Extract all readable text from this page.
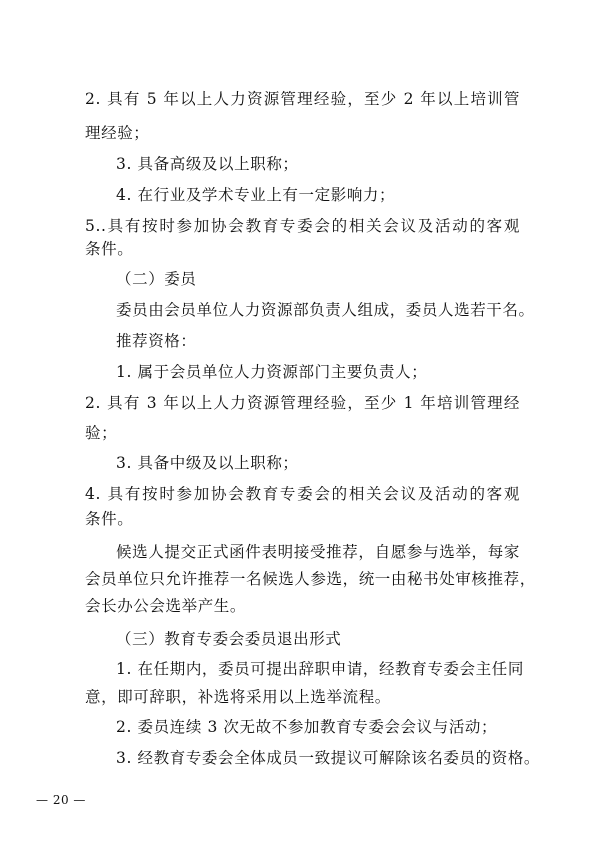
2. 具有 5 年以上人力资源管理经验，至少 2 年以上培训管
理经验；
3. 具备高级及以上职称；
4. 在行业及学术专业上有一定影响力；
5..具有按时参加协会教育专委会的相关会议及活动的客观
条件。
（二）委员
委员由会员单位人力资源部负责人组成，委员人选若干名。
推荐资格：
1. 属于会员单位人力资源部门主要负责人；
2. 具有 3 年以上人力资源管理经验，至少 1 年培训管理经
验；
3. 具备中级及以上职称；
4. 具有按时参加协会教育专委会的相关会议及活动的客观
条件。
候选人提交正式函件表明接受推荐，自愿参与选举，每家
会员单位只允许推荐一名候选人参选，统一由秘书处审核推荐，
会长办公会选举产生。
（三）教育专委会委员退出形式
1. 在任期内，委员可提出辞职申请，经教育专委会主任同
意，即可辞职，补选将采用以上选举流程。
2. 委员连续 3 次无故不参加教育专委会会议与活动；
3. 经教育专委会全体成员一致提议可解除该名委员的资格。
— 20 —
